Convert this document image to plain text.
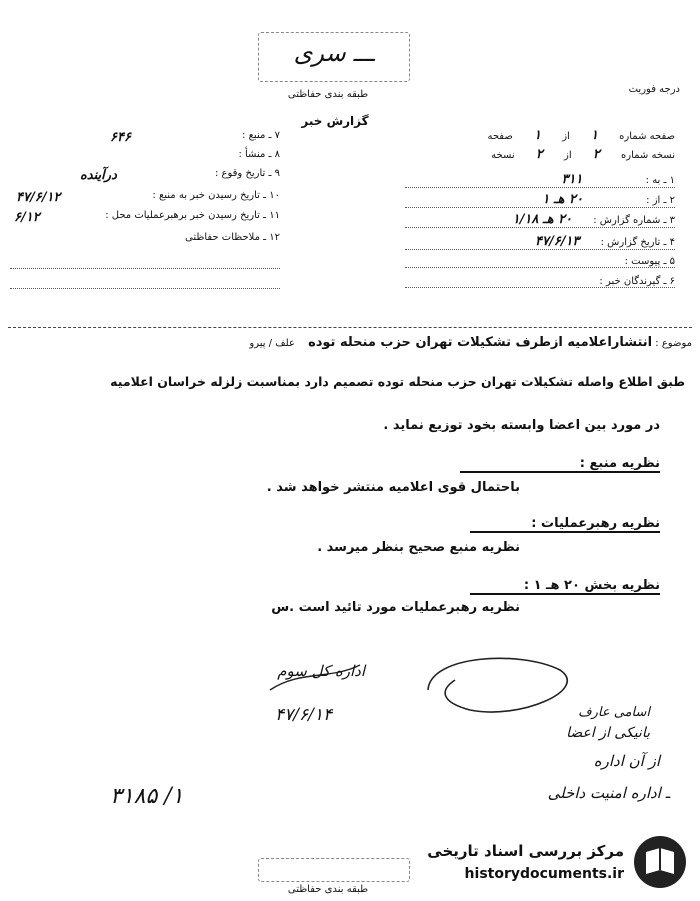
ـــ سری
طبقه بندی حفاظتی	درجه فوریت
گزارش خبر
۷ ـ منبع :
۶۴۶
۸ ـ منشأ :
۹ ـ تاریخ وقوع :
درآینده
۱۰ ـ تاریخ رسیدن خبر به منبع :
۴۷/۶/۱۲
۱۱ ـ تاریخ رسیدن خبر برهبرعملیات محل :
۶/۱۲
۱۲ ـ ملاحظات حفاظتی
صفحه شماره ۱ از ۱ صفحه
نسخه شماره ۲ از ۲ نسخه
۱ ـ به : ۳۱۱
۲ ـ از : ۲۰ هـ ۱
۳ ـ شماره گزارش : ۲۰ هـ ۱/۱۸
۴ ـ تاریخ گزارش : ۴۷/۶/۱۳
۵ ـ پیوست :
۶ ـ گیرندگان خبر :
موضوع : انتشاراعلامیه ازطرف تشکیلات تهران حزب منحله توده علف / پیرو
طبق اطلاع واصله تشکیلات تهران حزب منحله توده تصمیم دارد بمناسبت زلزله خراسان اعلامیه
در مورد بین اعضا وابسته بخود توزیع نماید .
نظریه منبع :
باحتمال قوی اعلامیه منتشر خواهد شد .
نظریه رهبرعملیات :
نظریه منبع صحیح بنظر میرسد .
نظریه بخش ۲۰ هـ ۱ :
نظریه رهبرعملیات مورد تائید است .س
اداره کل سوم
۴۷/۶/۱۴	اسامی عارف
بانیکی از اعضا
از آن اداره
ـ اداره امنیت داخلی
۳۱۸۵ /۱
طبقه بندی حفاظتی
مرکز بررسی اسناد تاریخی
historydocuments.ir
